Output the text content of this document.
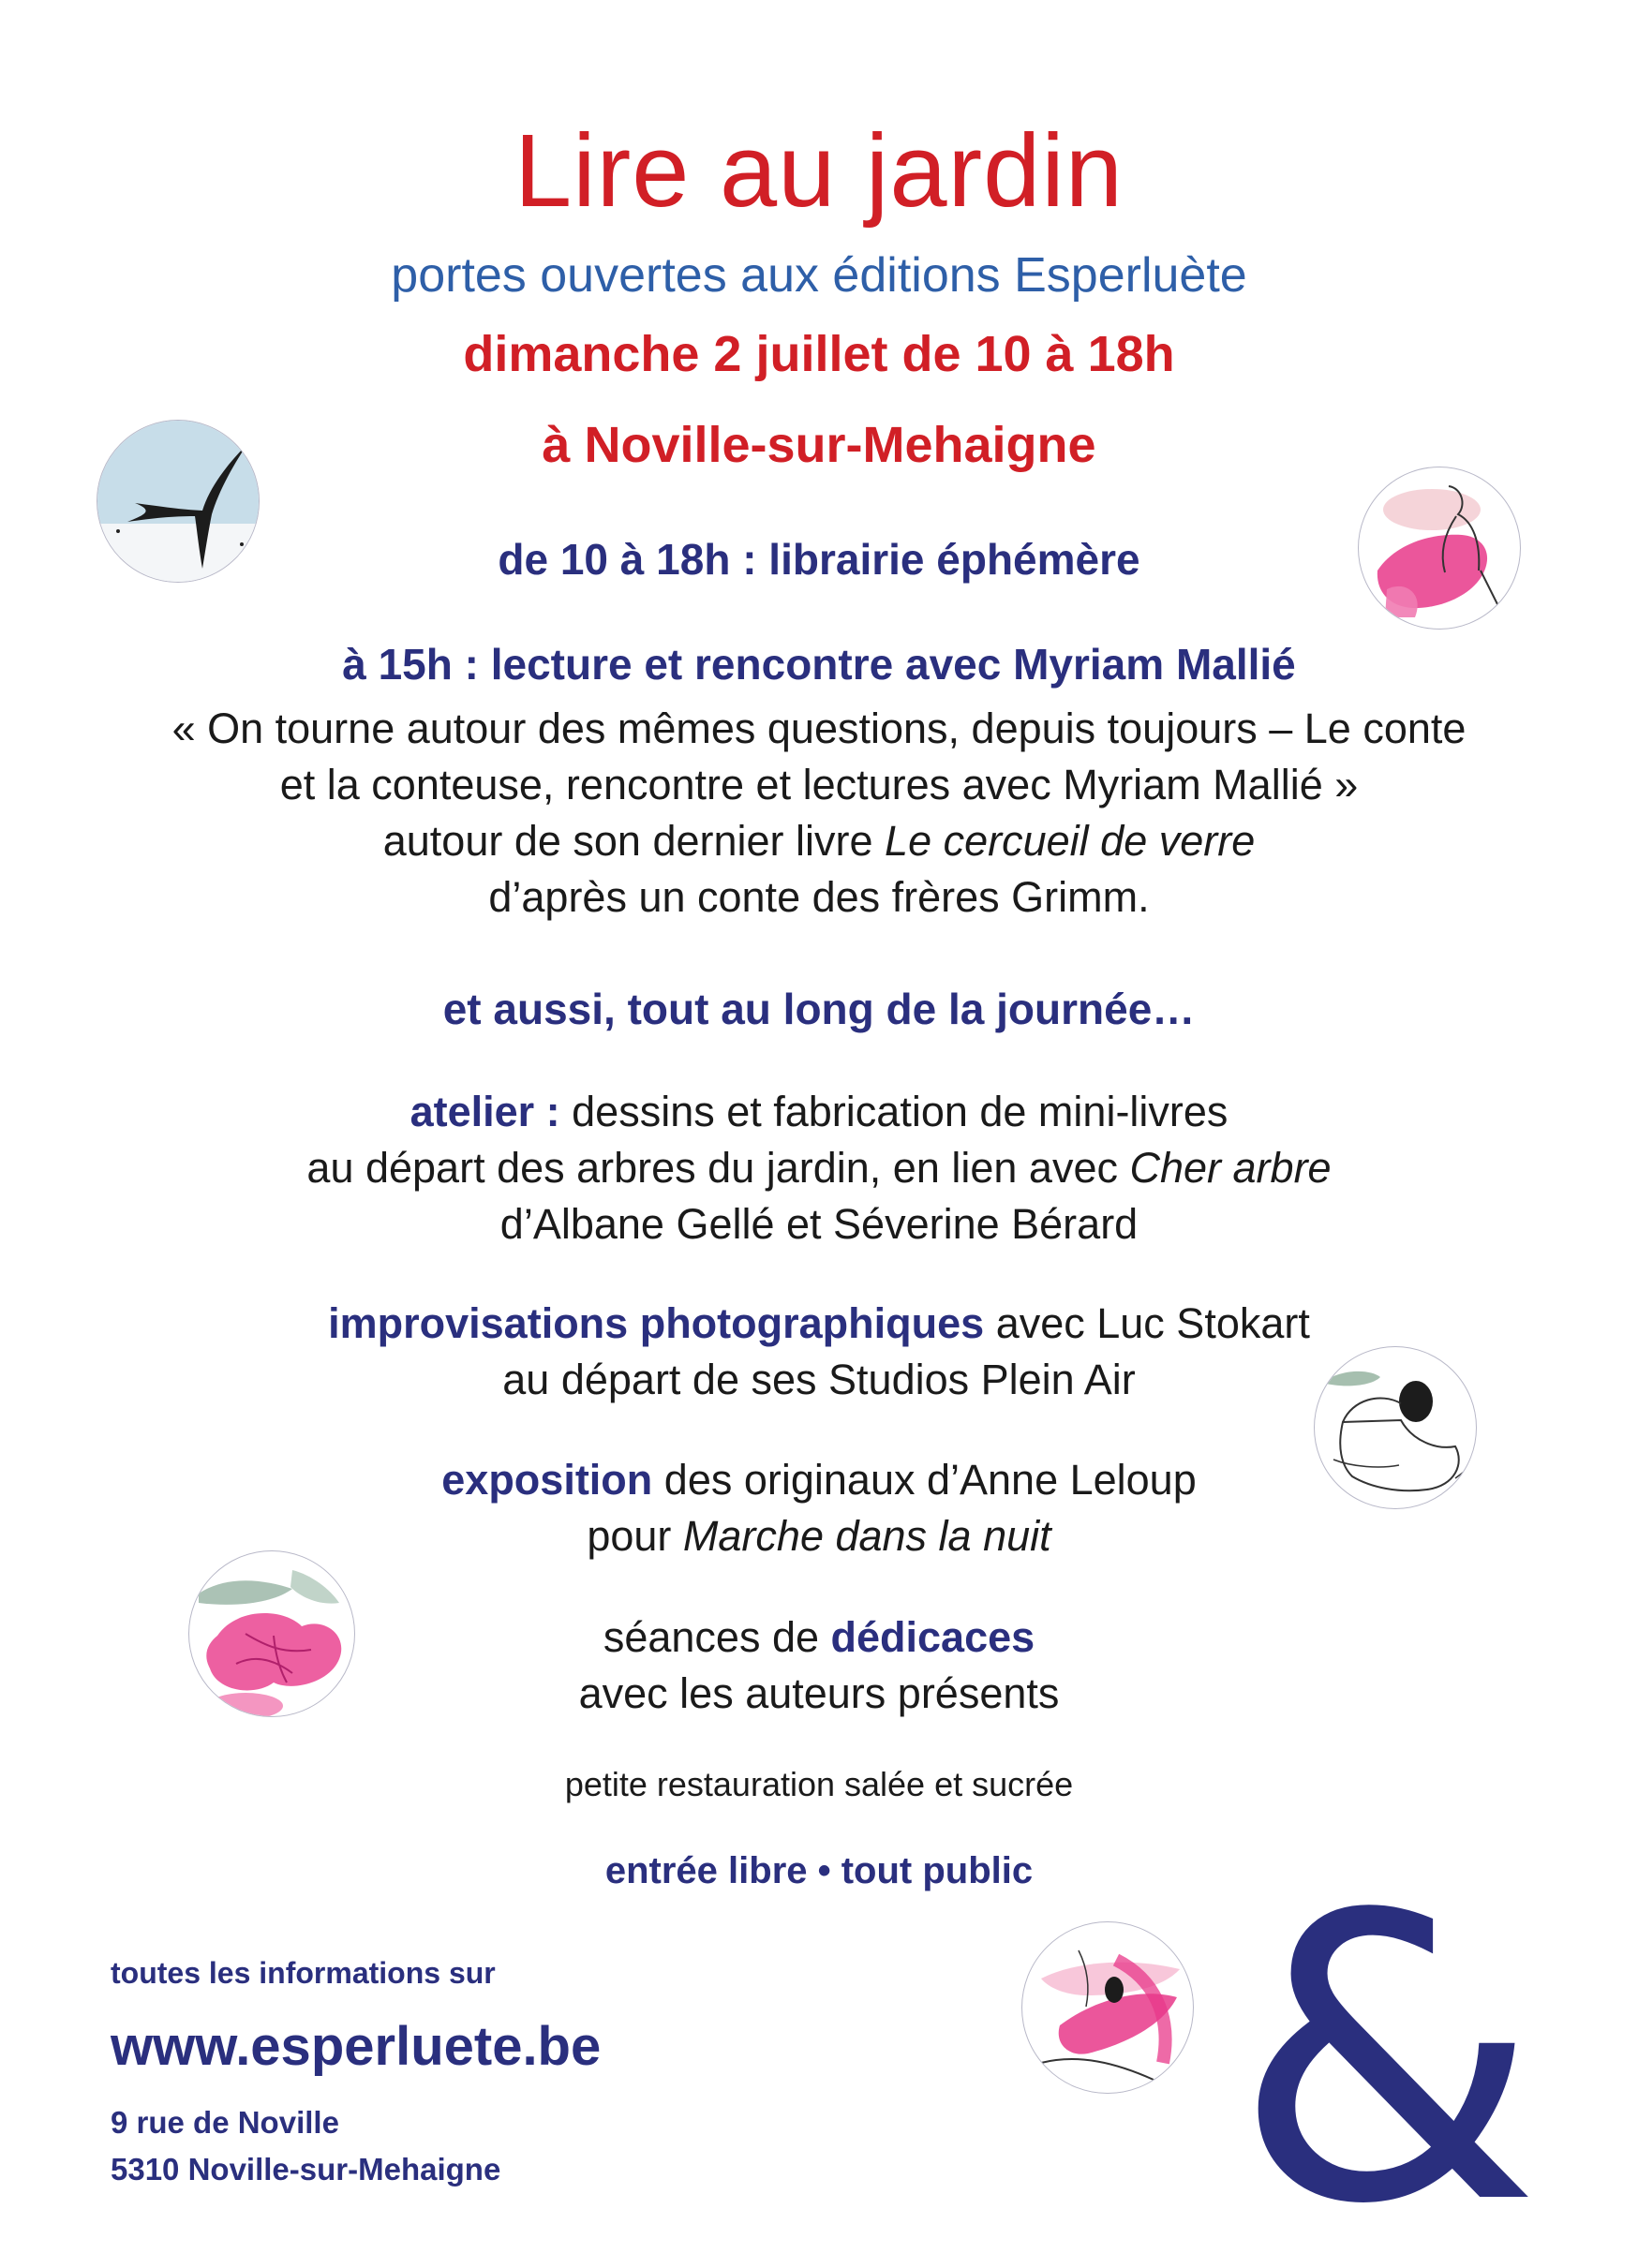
Lire au jardin
portes ouvertes aux éditions Esperluète
dimanche 2 juillet de 10 à 18h
à Noville-sur-Mehaigne
de 10 à 18h : librairie éphémère
à 15h : lecture et rencontre avec Myriam Mallié
« On tourne autour des mêmes questions, depuis toujours – Le conte
et la conteuse, rencontre et lectures avec Myriam Mallié »
autour de son dernier livre Le cercueil de verre
d’après un conte des frères Grimm.
et aussi, tout au long de la journée…
atelier : dessins et fabrication de mini-livres
au départ des arbres du jardin, en lien avec Cher arbre
d’Albane Gellé et Séverine Bérard
improvisations photographiques avec Luc Stokart
au départ de ses Studios Plein Air
exposition des originaux d’Anne Leloup
pour Marche dans la nuit
séances de dédicaces
avec les auteurs présents
petite restauration salée et sucrée
entrée libre • tout public
toutes les informations sur
www.esperluete.be
9 rue de Noville
5310 Noville-sur-Mehaigne &
